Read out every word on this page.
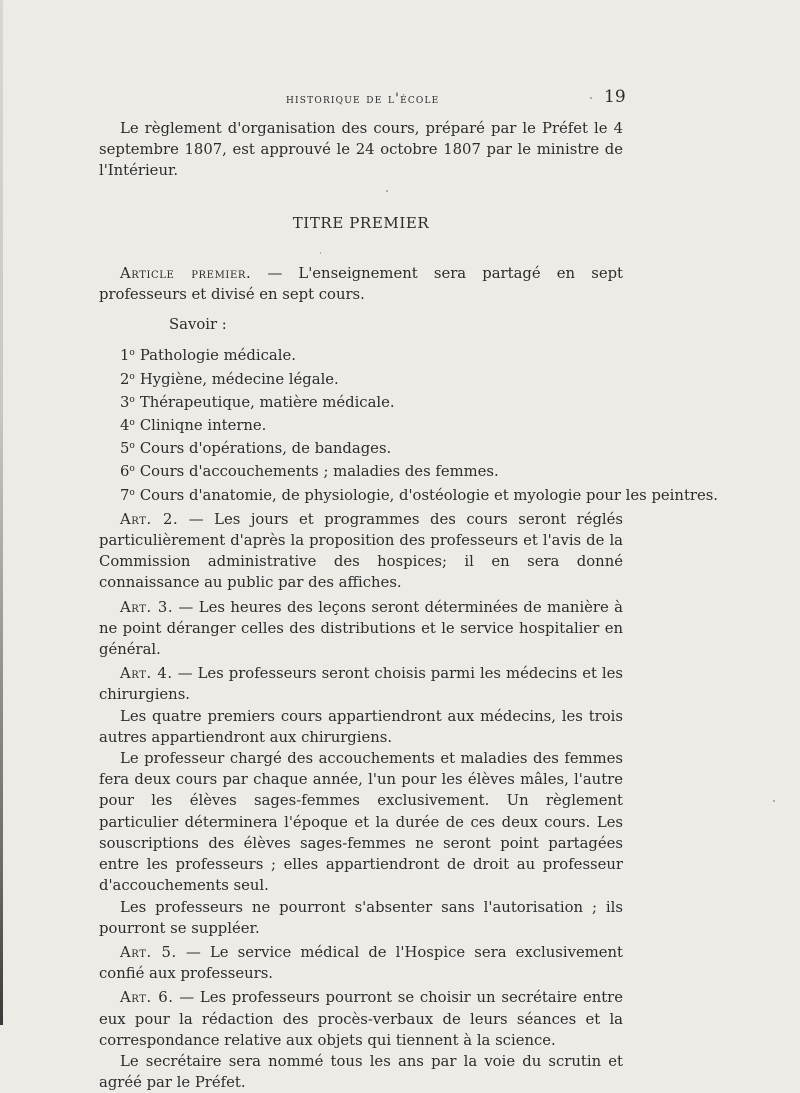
historique de l'école	19

Le règlement d'organisation des cours, préparé par le Préfet le 4 septembre 1807, est approuvé le 24 octobre 1807 par le ministre de l'Intérieur.

TITRE PREMIER

Article premier. — L'enseignement sera partagé en sept professeurs et divisé en sept cours.

Savoir :

1$^o$ Pathologie médicale.
2$^o$ Hygiène, médecine légale.
3$^o$ Thérapeutique, matière médicale.
4$^o$ Cliniqne interne.
5$^o$ Cours d'opérations, de bandages.
6$^o$ Cours d'accouchements ; maladies des femmes.
7$^o$ Cours d'anatomie, de physiologie, d'ostéologie et myologie pour les peintres.

Art. 2. — Les jours et programmes des cours seront réglés particulièrement d'après la proposition des professeurs et l'avis de la Commission administrative des hospices; il en sera donné connaissance au public par des affiches.

Art. 3. — Les heures des leçons seront déterminées de manière à ne point déranger celles des distributions et le service hospitalier en général.

Art. 4. — Les professeurs seront choisis parmi les médecins et les chirurgiens.

Les quatre premiers cours appartiendront aux médecins, les trois autres appartiendront aux chirurgiens.

Le professeur chargé des accouchements et maladies des femmes fera deux cours par chaque année, l'un pour les élèves mâles, l'autre pour les élèves sages-femmes exclusivement. Un règlement particulier déterminera l'époque et la durée de ces deux cours. Les souscriptions des élèves sages-femmes ne seront point partagées entre les professeurs ; elles appartiendront de droit au professeur d'accouchements seul.

Les professeurs ne pourront s'absenter sans l'autorisation ; ils pourront se suppléer.

Art. 5. — Le service médical de l'Hospice sera exclusivement confié aux professeurs.

Art. 6. — Les professeurs pourront se choisir un secrétaire entre eux pour la rédaction des procès-verbaux de leurs séances et la correspondance relative aux objets qui tiennent à la science.

Le secrétaire sera nommé tous les ans par la voie du scrutin et agréé par le Préfet.
